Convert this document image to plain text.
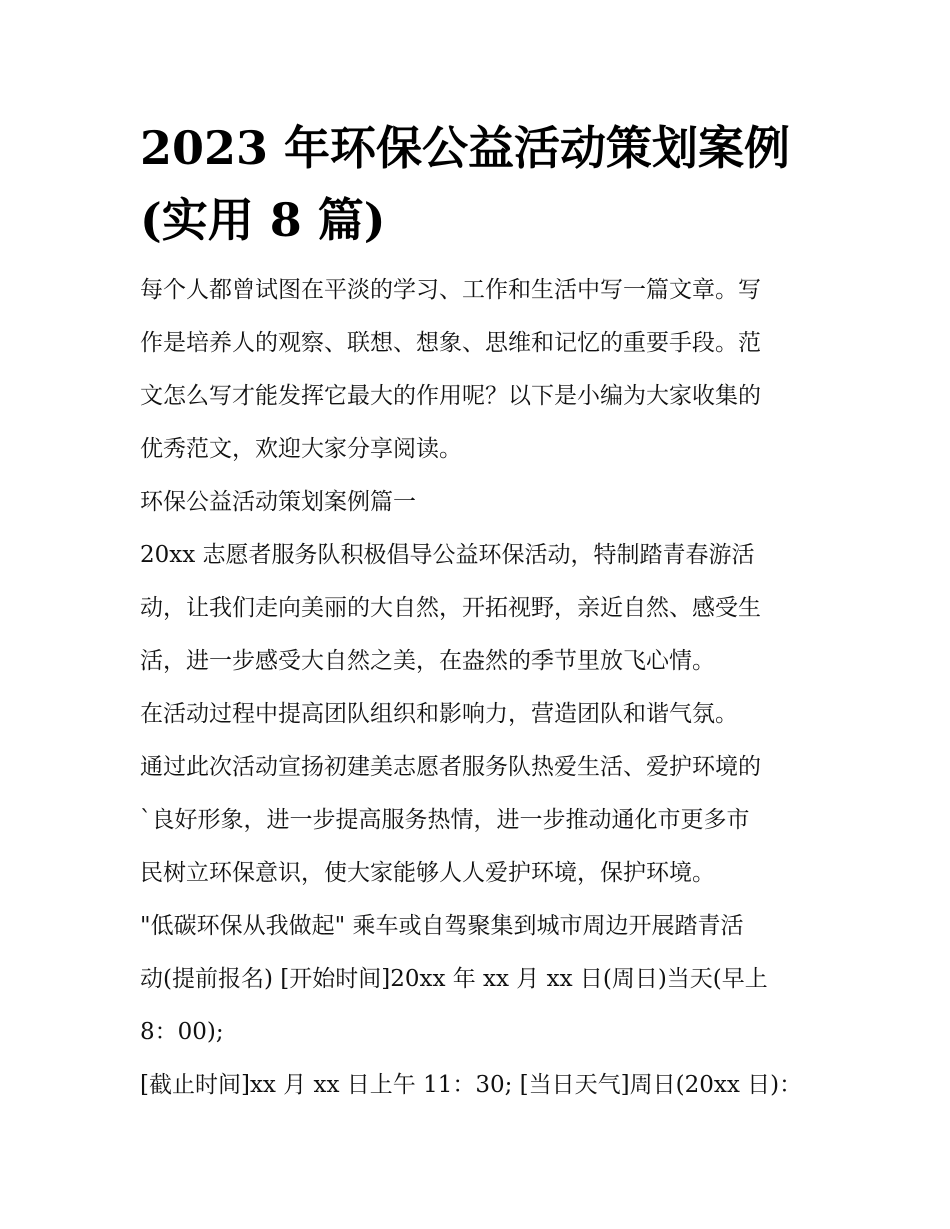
2023 年环保公益活动策划案例
(实用 8 篇)
每个人都曾试图在平淡的学习、工作和生活中写一篇文章。写
作是培养人的观察、联想、想象、思维和记忆的重要手段。范
文怎么写才能发挥它最大的作用呢？以下是小编为大家收集的
优秀范文，欢迎大家分享阅读。
环保公益活动策划案例篇一
20xx 志愿者服务队积极倡导公益环保活动，特制踏青春游活
动，让我们走向美丽的大自然，开拓视野，亲近自然、感受生
活，进一步感受大自然之美，在盎然的季节里放飞心情。
在活动过程中提高团队组织和影响力，营造团队和谐气氛。
通过此次活动宣扬初建美志愿者服务队热爱生活、爱护环境的
`良好形象，进一步提高服务热情，进一步推动通化市更多市
民树立环保意识，使大家能够人人爱护环境，保护环境。
"低碳环保从我做起" 乘车或自驾聚集到城市周边开展踏青活
动(提前报名) [开始时间]20xx 年 xx 月 xx 日(周日)当天(早上
8：00);
[截止时间]xx 月 xx 日上午 11：30; [当日天气]周日(20xx 日)：
